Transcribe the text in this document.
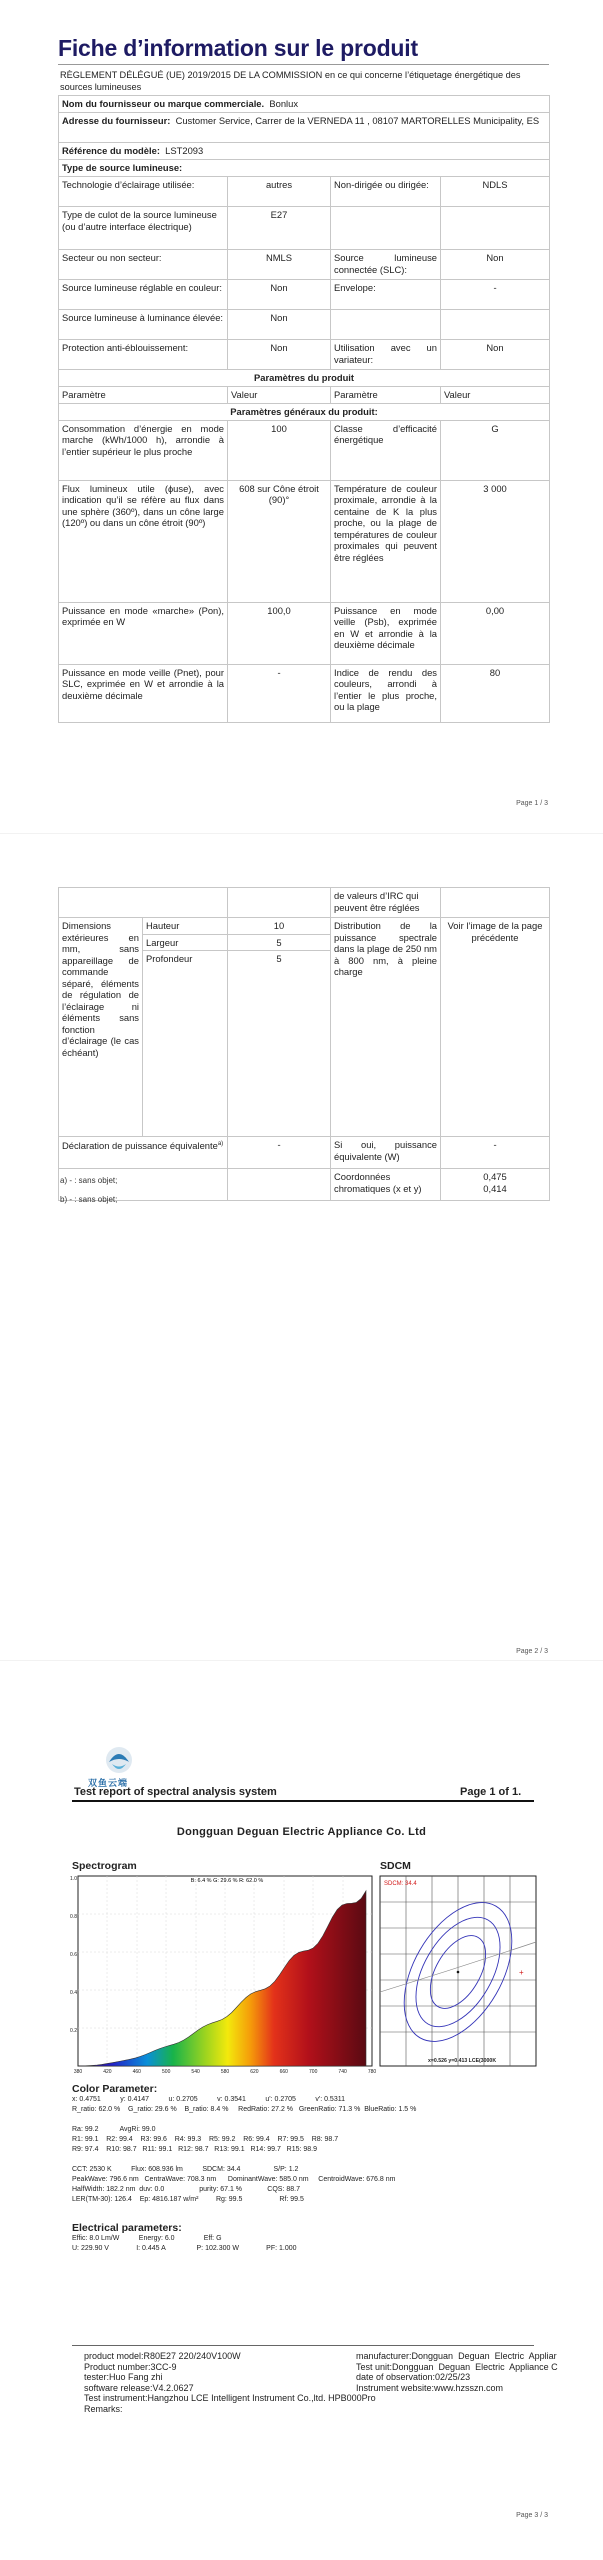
Fiche d’information sur le produit
RÈGLEMENT DÉLÉGUÉ (UE) 2019/2015 DE LA COMMISSION en ce qui concerne l’étiquetage énergétique des sources lumineuses
Nom du fournisseur ou marque commerciale. Bonlux			
Adresse du fournisseur: Customer Service, Carrer de la VERNEDA 11 , 08107 MARTORELLES Municipality, ES			
Référence du modèle: LST2093			
Type de source lumineuse:			
Technologie d’éclairage utilisée:	autres	Non-dirigée ou dirigée:	NDLS

Type de culot de la source lumineuse
(ou d’autre interface électrique)	E27		
Secteur ou non secteur:	NMLS	Source lumineuse connectée (SLC):	Non
Source lumineuse réglable en couleur:	Non	Envelope:	-
Source lumineuse à luminance élevée:	Non		
Protection anti-éblouissement:	Non	Utilisation avec un variateur:	Non
Paramètres du produit			
Paramètre	Valeur	Paramètre	Valeur
Paramètres généraux du produit:			
Consommation d’énergie en mode marche (kWh/1000 h), arrondie à l’entier supérieur le plus proche	100	Classe d’efficacité énergétique	G
Flux lumineux utile (ɸuse), avec indication qu’il se réfère au flux dans une sphère (360º), dans un cône large (120º) ou dans un cône étroit (90º)	608 sur Cône étroit (90)°	Température de couleur proximale, arrondie à la centaine de K la plus proche, ou la plage de températures de couleur proximales qui peuvent être réglées	3 000
Puissance en mode «marche» (Pon), exprimée en W	100,0	Puissance en mode veille (Psb), exprimée en W et arrondie à la deuxième décimale	0,00
Puissance en mode veille (Pnet), pour SLC, exprimée en W et arrondie à la deuxième décimale	-	Indice de rendu des couleurs, arrondi à l’entier le plus proche, ou la plage	80
Page 1 / 3
			de valeurs d’IRC qui peuvent être réglées	
Dimensions extérieures en mm, sans appareillage de commande séparé, éléments de régulation de l’éclairage ni éléments sans fonction d’éclairage (le cas échéant)	Hauteur	10	Distribution de la puissance spectrale dans la plage de 250 nm à 800 nm, à pleine charge	Voir l’image de la page précédente
	Largeur	5		
	Profondeur	5		
Déclaration de puissance équivalente$^{a)}$		-	Si oui, puissance équivalente (W)	-
			Coordonnées chromatiques (x et y)	0,475
0,414
a) - : sans objet;
b) - : sans objet;
Page 2 / 3
双鱼云端
Test report of spectral analysis system	Page 1 of 1.
Dongguan Deguan Electric Appliance Co. Ltd
Spectrogram	SDCM
B: 6.4 % G: 29.6 % R: 62.0 %
380	420	460	500	540	580	620	660	700	740	780
1.0
0.8
0.6
0.4
0.2
+
SDCM: 34.4
x=0.526 y=0.413 LCE(3000K
Color Parameter:
x: 0.4751          y: 0.4147          u: 0.2705          v: 0.3541          u': 0.2705          v': 0.5311
R_ratio: 62.0 %    G_ratio: 29.6 %    B_ratio: 8.4 %     RedRatio: 27.2 %   GreenRatio: 71.3 %  BlueRatio: 1.5 %
Ra: 99.2           AvgRi: 99.0
R1: 99.1    R2: 99.4    R3: 99.6    R4: 99.3    R5: 99.2    R6: 99.4    R7: 99.5    R8: 98.7
R9: 97.4    R10: 98.7   R11: 99.1   R12: 98.7   R13: 99.1   R14: 99.7   R15: 98.9
CCT: 2530 K          Flux: 608.936 lm          SDCM: 34.4                 S/P: 1.2
PeakWave: 796.6 nm   CentraWave: 708.3 nm      DominantWave: 585.0 nm     CentroidWave: 676.8 nm
HalfWidth: 182.2 nm  duv: 0.0                  purity: 67.1 %             CQS: 88.7
LER(TM-30): 126.4    Ep: 4816.187 w/m²         Rg: 99.5                   Rf: 99.5
Electrical parameters:
Effic: 8.0 Lm/W          Energy: 6.0               Eff: G
U: 229.90 V              I: 0.445 A                P: 102.300 W              PF: 1.000
product model:R80E27 220/240V100W
Product number:3CC-9
tester:Huo Fang zhi
software release:V4.2.0627
Test instrument:Hangzhou LCE Intelligent Instrument Co.,ltd. HPB000Pro
Remarks:
manufacturer:Dongguan  Deguan  Electric  Appliar
Test unit:Dongguan  Deguan  Electric  Appliance C
date of observation:02/25/23
Instrument website:www.hzsszn.com
Page 3 / 3
